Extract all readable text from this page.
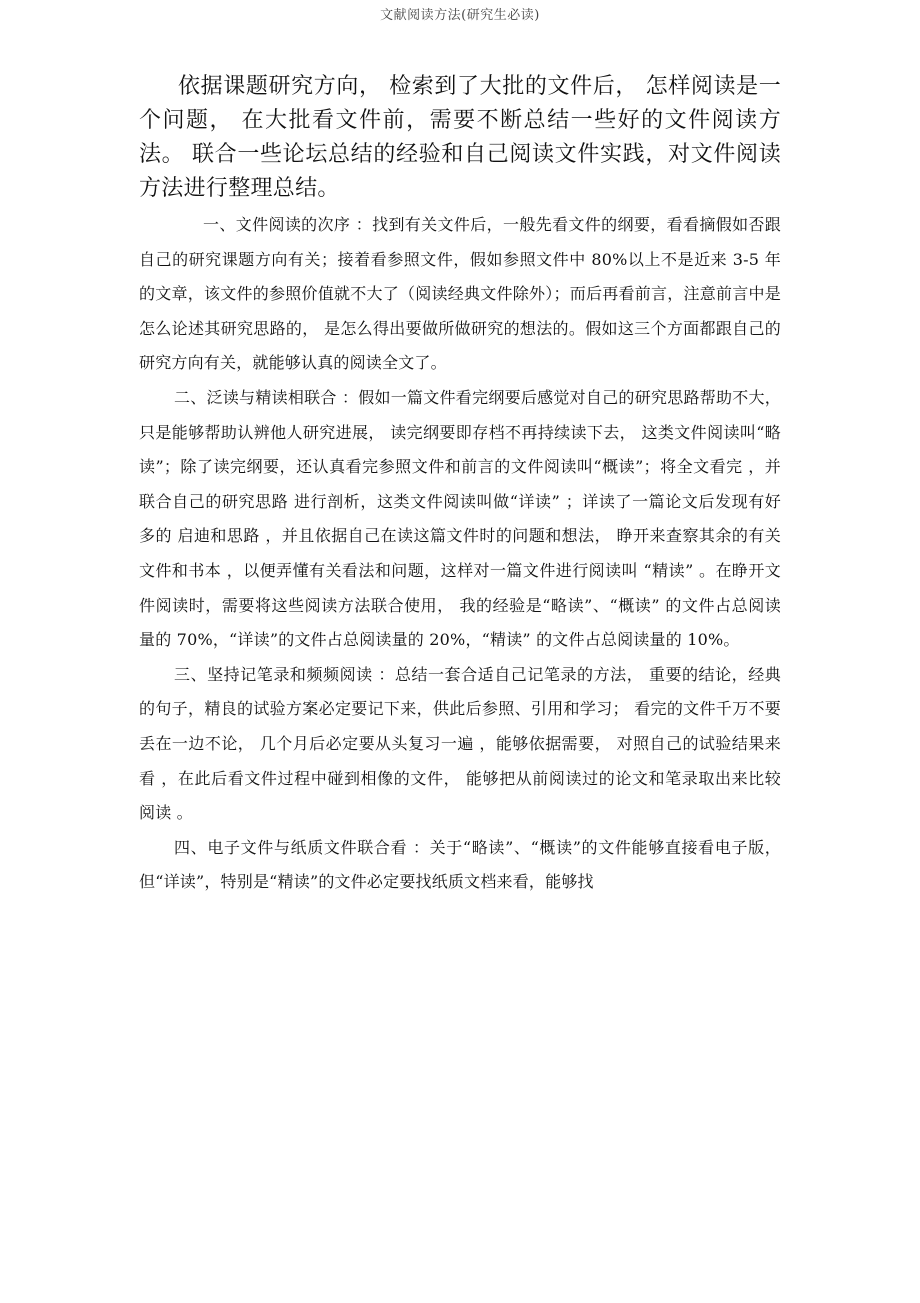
文献阅读方法(研究生必读)

依据课题研究方向， 检索到了大批的文件后， 怎样阅读是一个问题， 在大批看文件前，需要不断总结一些好的文件阅读方法。 联合一些论坛总结的经验和自己阅读文件实践，对文件阅读方法进行整理总结。

一、文件阅读的次序 ：找到有关文件后，一般先看文件的纲要，看看摘假如否跟自己的研究课题方向有关；接着看参照文件，假如参照文件中 80%以上不是近来 3-5 年的文章，该文件的参照价值就不大了（阅读经典文件除外）；而后再看前言，注意前言中是怎么论述其研究思路的， 是怎么得出要做所做研究的想法的。假如这三个方面都跟自己的研究方向有关，就能够认真的阅读全文了。

二、泛读与精读相联合 ：假如一篇文件看完纲要后感觉对自己的研究思路帮助不大，只是能够帮助认辨他人研究进展， 读完纲要即存档不再持续读下去， 这类文件阅读叫“略读”；除了读完纲要，还认真看完参照文件和前言的文件阅读叫“概读”；将全文看完 ，并联合自己的研究思路 进行剖析，这类文件阅读叫做“详读” ；详读了一篇论文后发现有好多的 启迪和思路 ，并且依据自己在读这篇文件时的问题和想法， 睁开来查察其余的有关文件和书本 ，以便弄懂有关看法和问题，这样对一篇文件进行阅读叫 “精读” 。在睁开文件阅读时，需要将这些阅读方法联合使用， 我的经验是“略读”、“概读” 的文件占总阅读量的 70%，“详读”的文件占总阅读量的 20%，“精读” 的文件占总阅读量的 10%。

三、坚持记笔录和频频阅读 ：总结一套合适自己记笔录的方法， 重要的结论，经典的句子，精良的试验方案必定要记下来，供此后参照、引用和学习； 看完的文件千万不要丢在一边不论， 几个月后必定要从头复习一遍 ，能够依据需要， 对照自己的试验结果来看 ，在此后看文件过程中碰到相像的文件， 能够把从前阅读过的论文和笔录取出来比较阅读 。

四、电子文件与纸质文件联合看 ：关于“略读”、“概读”的文件能够直接看电子版，但“详读”，特别是“精读”的文件必定要找纸质文档来看，能够找
